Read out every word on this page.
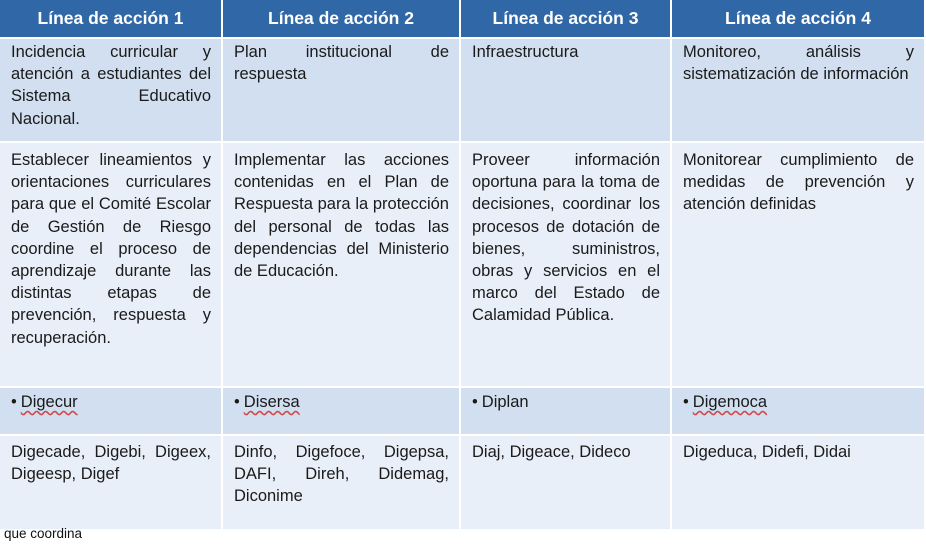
Línea de acción 1	Línea de acción 2	Línea de acción 3	Línea de acción 4
Incidencia curricular y atención a estudiantes del Sistema Educativo Nacional.	Plan institucional de respuesta	Infraestructura	Monitoreo, análisis y sistematización de información
Establecer lineamientos y orientaciones curriculares para que el Comité Escolar de Gestión de Riesgo coordine el proceso de aprendizaje durante las distintas etapas de prevención, respuesta y recuperación.	Implementar las acciones contenidas en el Plan de Respuesta para la protección del personal de todas las dependencias del Ministerio de Educación.	Proveer información oportuna para la toma de decisiones, coordinar los procesos de dotación de bienes, suministros, obras y servicios en el marco del Estado de Calamidad Pública.	Monitorear cumplimiento de medidas de prevención y atención definidas
• Digecur	• Disersa	• Diplan	• Digemoca
Digecade, Digebi, Digeex, Digeesp, Digef	Dinfo, Digefoce, Digepsa, DAFI, Direh, Didemag, Diconime	Diaj, Digeace, Dideco	Digeduca, Didefi, Didai
que coordina
